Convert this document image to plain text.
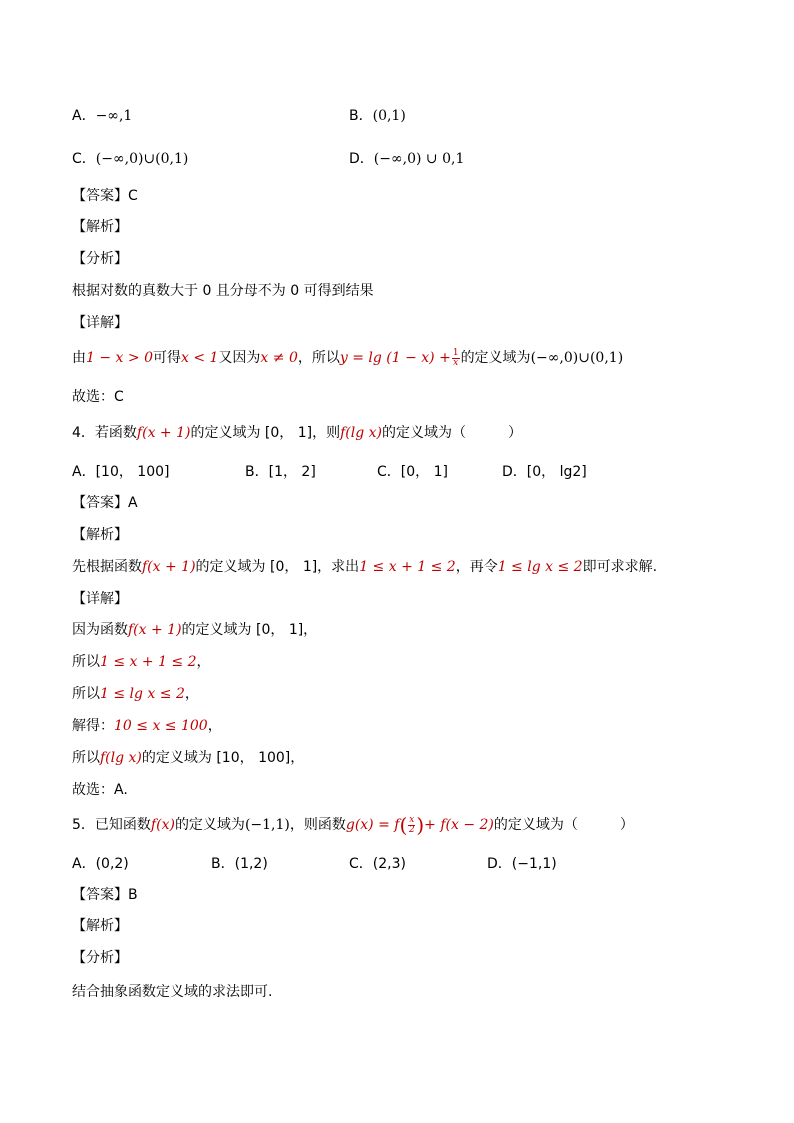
A．−∞,1	B．(0,1)
C．(−∞,0)∪(0,1)	D．(−∞,0) ∪ 0,1
【答案】C
【解析】
【分析】
根据对数的真数大于 0 且分母不为 0 可得到结果
【详解】
由1 − x > 0可得x < 1又因为x ≠ 0，所以$y = \lg (1 - x) + \frac{1}{x}$ 的定义域为(−∞,0)∪(0,1)
故选：C
4．若函数f(x + 1)的定义域为 [0， 1]，则f(lg x)的定义域为（	）
A．[10， 100]	B．[1， 2]	C．[0， 1]	D．[0， lg2]
【答案】A
【解析】
先根据函数f(x + 1)的定义域为 [0， 1]，求出1 ≤ x + 1 ≤ 2，再令1 ≤ lg x ≤ 2即可求求解.
【详解】
因为函数f(x + 1)的定义域为 [0， 1]，
所以1 ≤ x + 1 ≤ 2，
所以1 ≤ lg x ≤ 2，
解得：10 ≤ x ≤ 100，
所以f(lg x)的定义域为 [10， 100]，
故选：A.
5．已知函数f(x)的定义域为(−1,1)，则函数$g(x) = f( \frac{x}{2}$ )+ f(x − 2)的定义域为（	）
A．(0,2)	B．(1,2)	C．(2,3)	D．(−1,1)
【答案】B
【解析】
【分析】
结合抽象函数定义域的求法即可.
